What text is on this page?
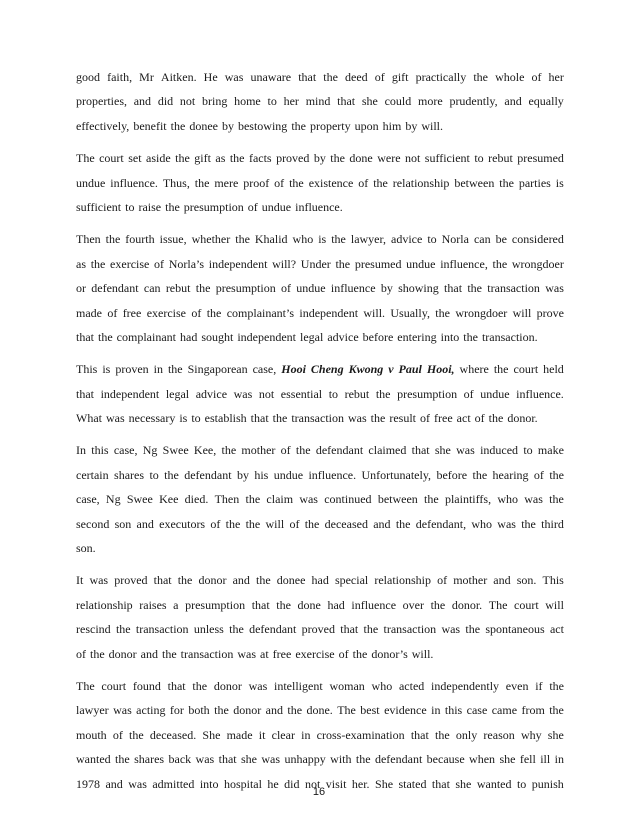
good faith, Mr Aitken. He was unaware that the deed of gift practically the whole of her
properties, and did not bring home to her mind that she could more prudently, and equally
effectively, benefit the donee by bestowing the property upon him by will.
The court set aside the gift as the facts proved by the done were not sufficient to rebut presumed
undue influence. Thus, the mere proof of the existence of the relationship between the parties is
sufficient to raise the presumption of undue influence.
Then the fourth issue, whether the Khalid who is the lawyer, advice to Norla can be considered
as the exercise of Norla’s independent will? Under the presumed undue influence, the wrongdoer
or defendant can rebut the presumption of undue influence by showing that the transaction was
made of free exercise of the complainant’s independent will. Usually, the wrongdoer will prove
that the complainant had sought independent legal advice before entering into the transaction.
This is proven in the Singaporean case, Hooi Cheng Kwong v Paul Hooi, where the court held
that independent legal advice was not essential to rebut the presumption of undue influence.
What was necessary is to establish that the transaction was the result of free act of the donor.
In this case, Ng Swee Kee, the mother of the defendant claimed that she was induced to make
certain shares to the defendant by his undue influence. Unfortunately, before the hearing of the
case, Ng Swee Kee died. Then the claim was continued between the plaintiffs, who was the
second son and executors of the the will of the deceased and the defendant, who was the third
son.
It was proved that the donor and the donee had special relationship of mother and son. This
relationship raises a presumption that the done had influence over the donor. The court will
rescind the transaction unless the defendant proved that the transaction was the spontaneous act
of the donor and the transaction was at free exercise of the donor’s will.
The court found that the donor was intelligent woman who acted independently even if the
lawyer was acting for both the donor and the done. The best evidence in this case came from the
mouth of the deceased. She made it clear in cross-examination that the only reason why she
wanted the shares back was that she was unhappy with the defendant because when she fell ill in
1978 and was admitted into hospital he did not visit her. She stated that she wanted to punish
16
